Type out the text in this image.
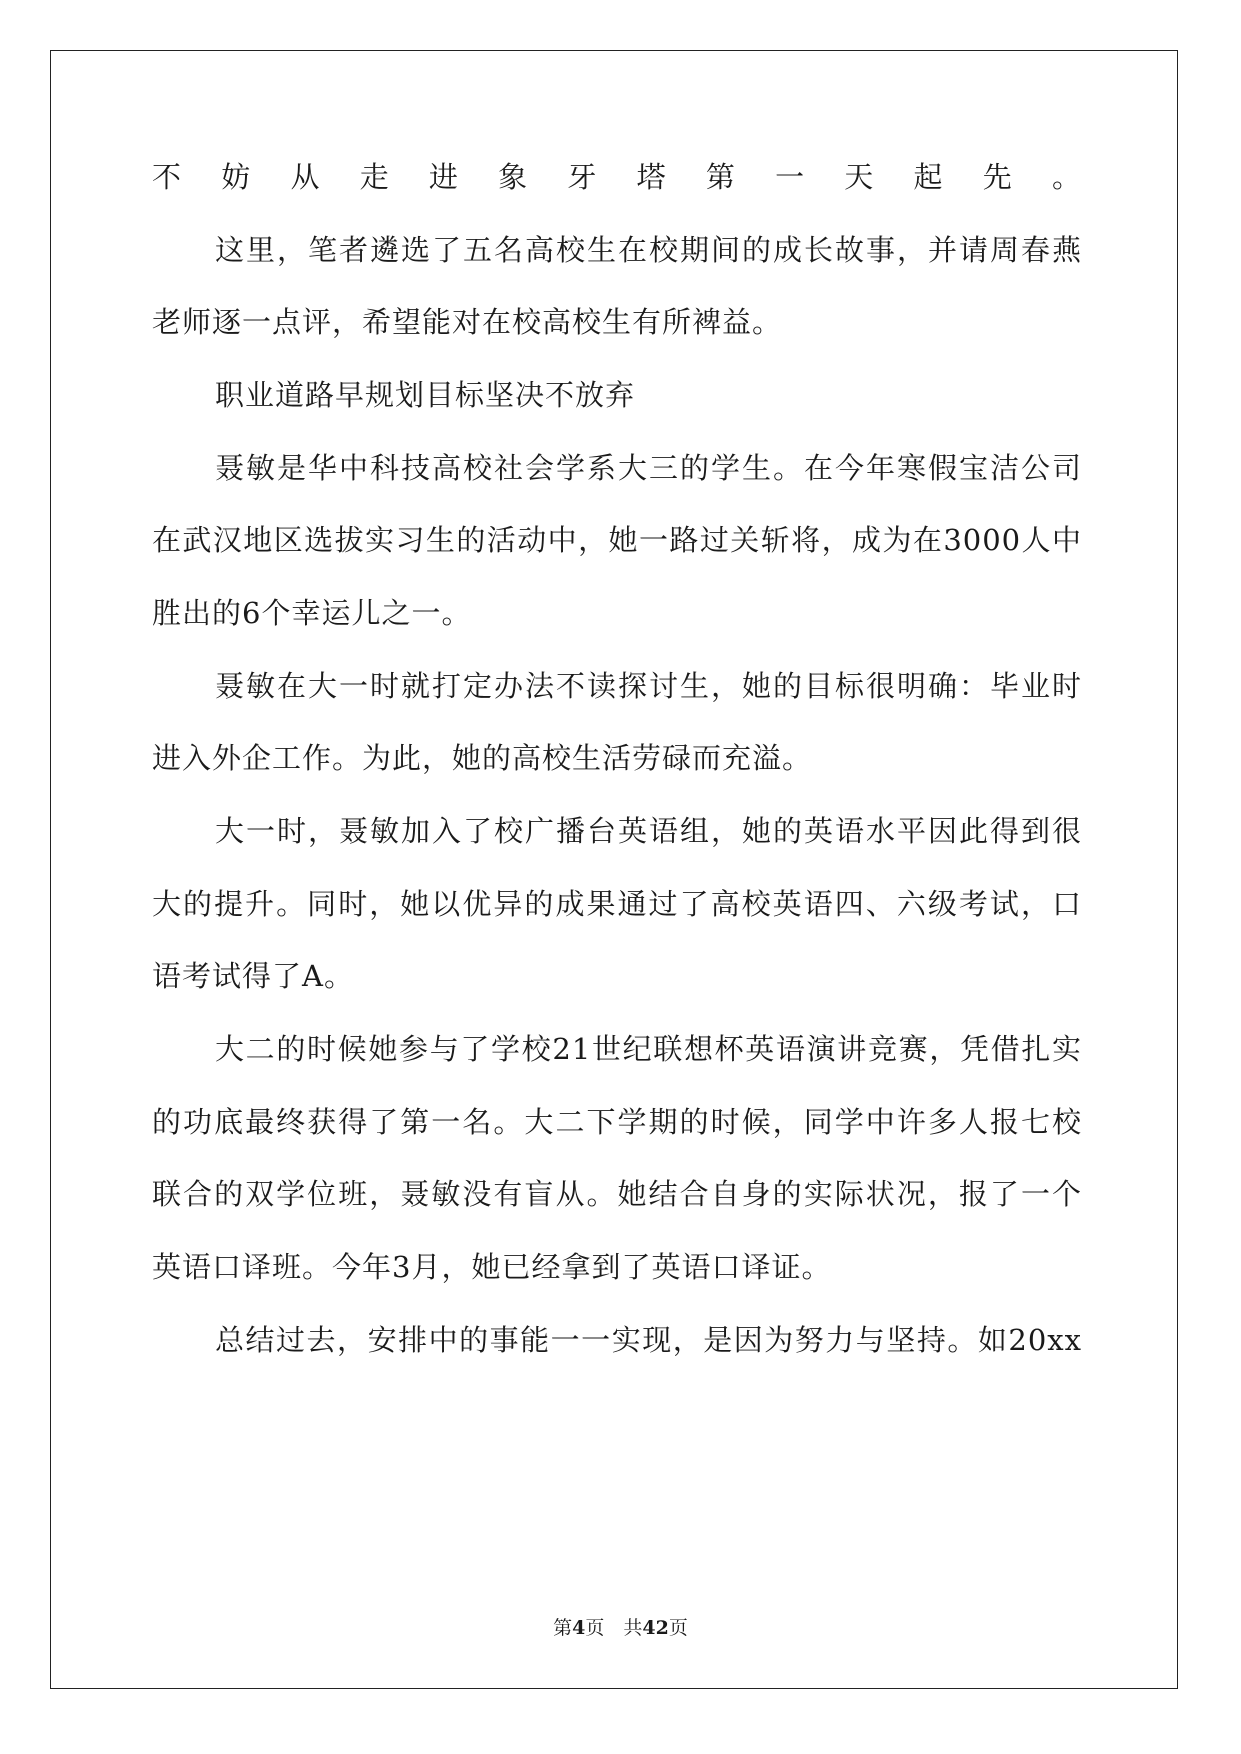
不妨从走进象牙塔第一天起先。
这里，笔者遴选了五名高校生在校期间的成长故事，并请周春燕
老师逐一点评，希望能对在校高校生有所裨益。
职业道路早规划目标坚决不放弃
聂敏是华中科技高校社会学系大三的学生。在今年寒假宝洁公司
在武汉地区选拔实习生的活动中，她一路过关斩将，成为在3000人中
胜出的6个幸运儿之一。
聂敏在大一时就打定办法不读探讨生，她的目标很明确：毕业时
进入外企工作。为此，她的高校生活劳碌而充溢。
大一时，聂敏加入了校广播台英语组，她的英语水平因此得到很
大的提升。同时，她以优异的成果通过了高校英语四、六级考试，口
语考试得了A。
大二的时候她参与了学校21世纪联想杯英语演讲竞赛，凭借扎实
的功底最终获得了第一名。大二下学期的时候，同学中许多人报七校
联合的双学位班，聂敏没有盲从。她结合自身的实际状况，报了一个
英语口译班。今年3月，她已经拿到了英语口译证。
总结过去，安排中的事能一一实现，是因为努力与坚持。如20xx
第4页　共42页
